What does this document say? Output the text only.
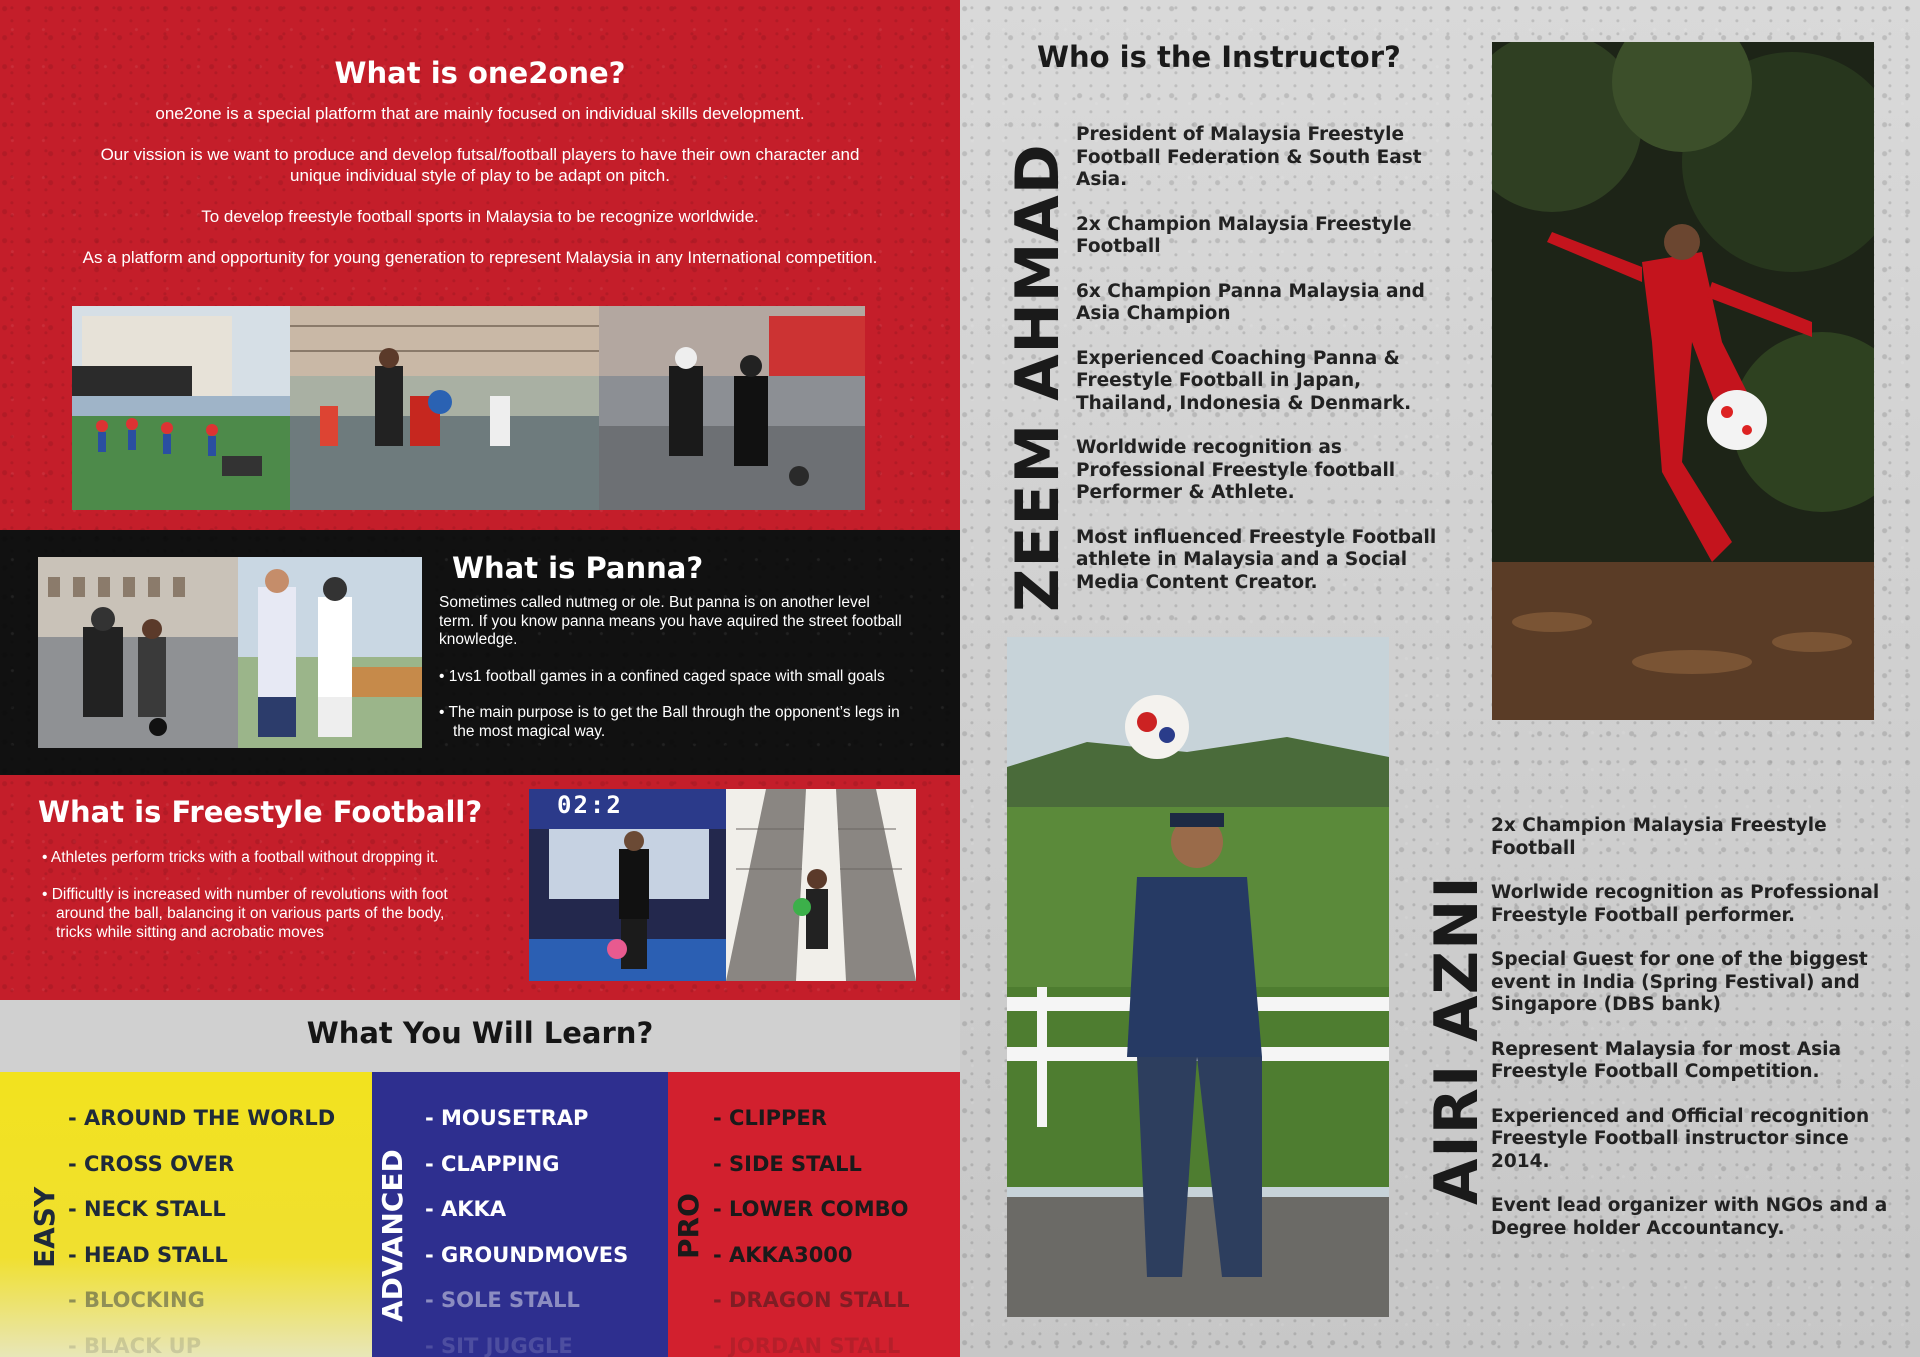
What is one2one?
one2one is a special platform that are mainly focused on individual skills development.
Our vission is we want to produce and develop futsal/football players to have their own character and unique individual style of play to be adapt on pitch.
To develop freestyle football sports in Malaysia to be recognize worldwide.
As a platform and opportunity for young generation to represent Malaysia in any International competition.
What is Panna?
Sometimes called nutmeg or ole. But panna is on another level term. If you know panna means you have aquired the street football knowledge.
• 1vs1 football games in a confined caged space with small goals
• The main purpose is to get the Ball through the opponent’s legs in the most magical way.
What is Freestyle Football?
• Athletes perform tricks with a football without dropping it.
• Difficultly is increased with number of revolutions with foot around the ball, balancing it on various parts of the body, tricks while sitting and acrobatic moves
02:2
What You Will Learn?
EASY	ADVANCED	PRO
- AROUND THE WORLD
- CROSS OVER
- NECK STALL
- HEAD STALL
- BLOCKING
- BLACK UP
- MOUSETRAP
- CLAPPING
- AKKA
- GROUNDMOVES
- SOLE STALL
- SIT JUGGLE
- CLIPPER
- SIDE STALL
- LOWER COMBO
- AKKA3000
- DRAGON STALL
- JORDAN STALL
Who is the Instructor?
ZEEM AHMAD

President of Malaysia Freestyle Football Federation & South East Asia.

2x Champion Malaysia Freestyle Football

6x Champion Panna Malaysia and Asia Champion

Experienced Coaching Panna & Freestyle Football in Japan, Thailand, Indonesia & Denmark.

Worldwide recognition as Professional Freestyle football Performer & Athlete.

Most influenced Freestyle Football athlete in Malaysia and a Social Media Content Creator.

AIRI AZNI

2x Champion Malaysia Freestyle Football

Worlwide recognition as Professional Freestyle Football performer.

Special Guest for one of the biggest event in India (Spring Festival) and Singapore (DBS bank)

Represent Malaysia for most Asia Freestyle Football Competition.

Experienced and Official recognition Freestyle Football instructor since 2014.

Event lead organizer with NGOs and a Degree holder Accountancy.
